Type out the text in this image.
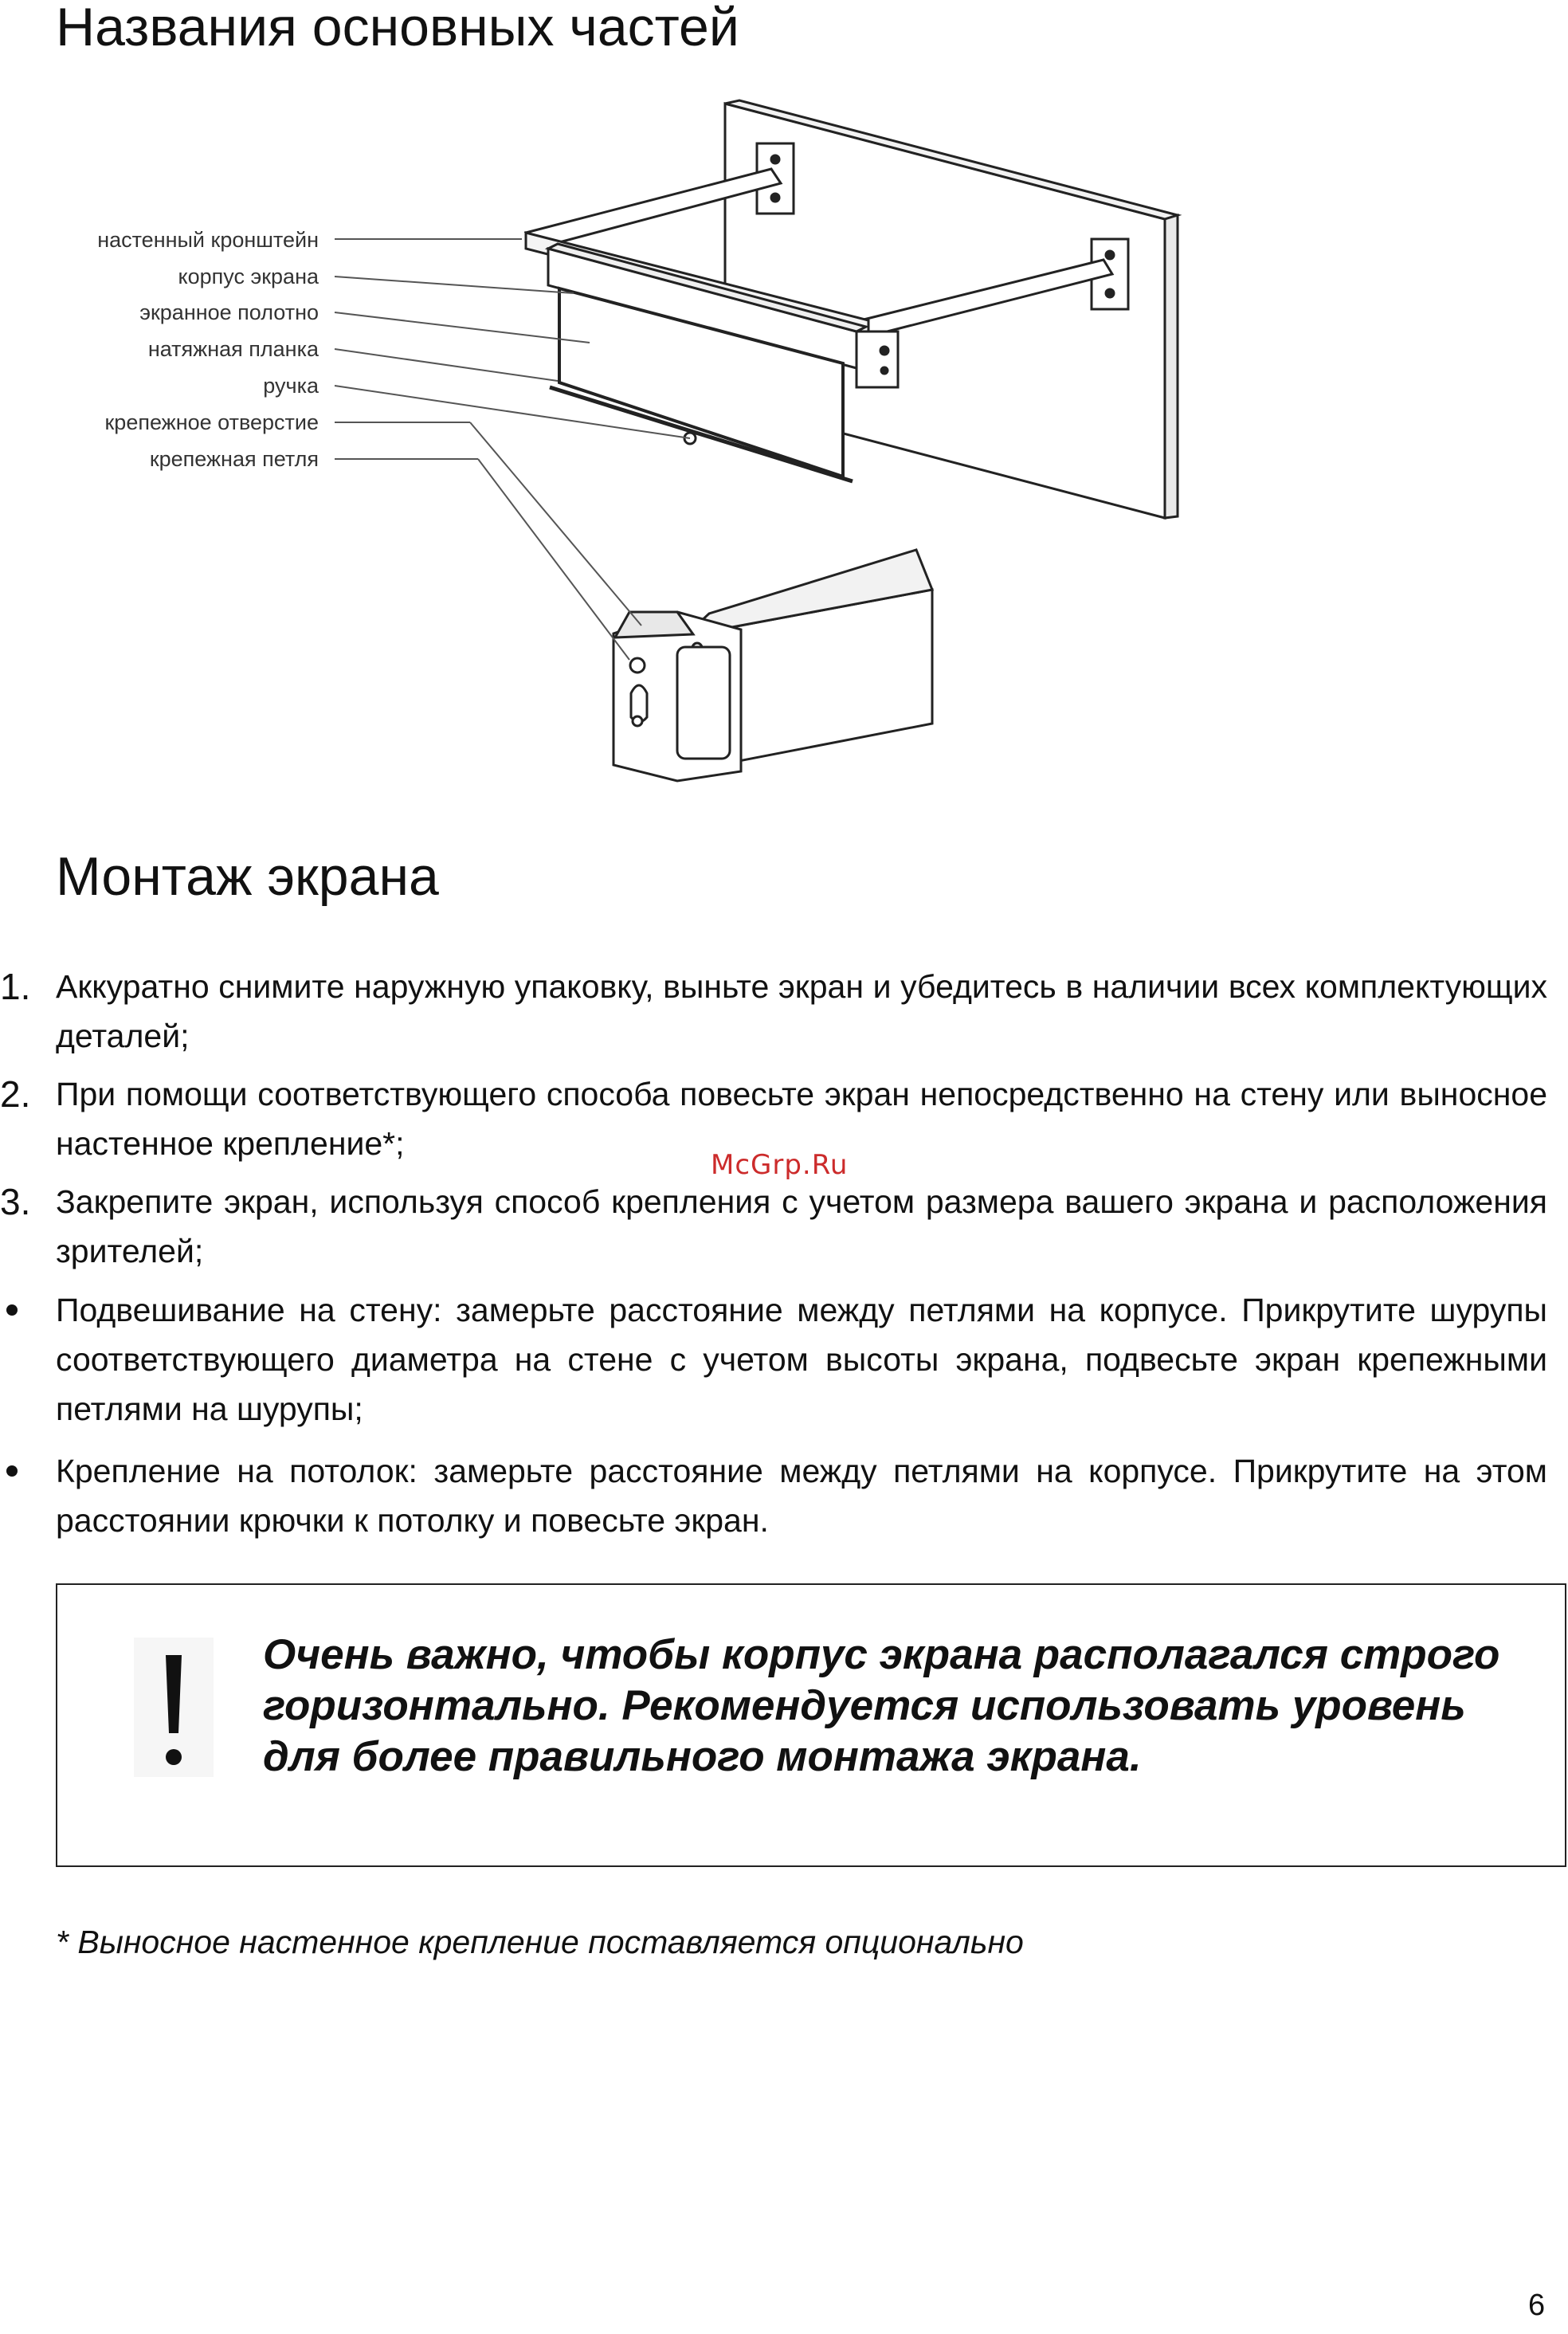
Названия основных частей
настенный кронштейн
корпус экрана
экранное полотно
натяжная планка
ручка
крепежное отверстие
крепежная петля
Монтаж экрана
1. Аккуратно снимите наружную упаковку, выньте экран и убедитесь в наличии всех комплектующих деталей;
2. При помощи соответствующего способа повесьте экран непосредственно на стену или выносное настенное крепление*;
3. Закрепите экран, используя способ крепления с учетом размера вашего экрана и расположения зрителей;
Подвешивание на стену: замерьте расстояние между петлями на корпусе. Прикрутите шурупы соответствующего диаметра на стене с учетом высоты экрана, подвесьте экран крепежными петлями на шурупы;
Крепление на потолок: замерьте расстояние между петлями на корпусе. Прикрутите на этом расстоянии крючки к потолку и повесьте экран.
McGrp.Ru
Очень важно, чтобы корпус экрана располагался строго горизонтально. Рекомендуется использовать уровень для более правильного монтажа экрана.
* Выносное настенное крепление поставляется опционально
6
